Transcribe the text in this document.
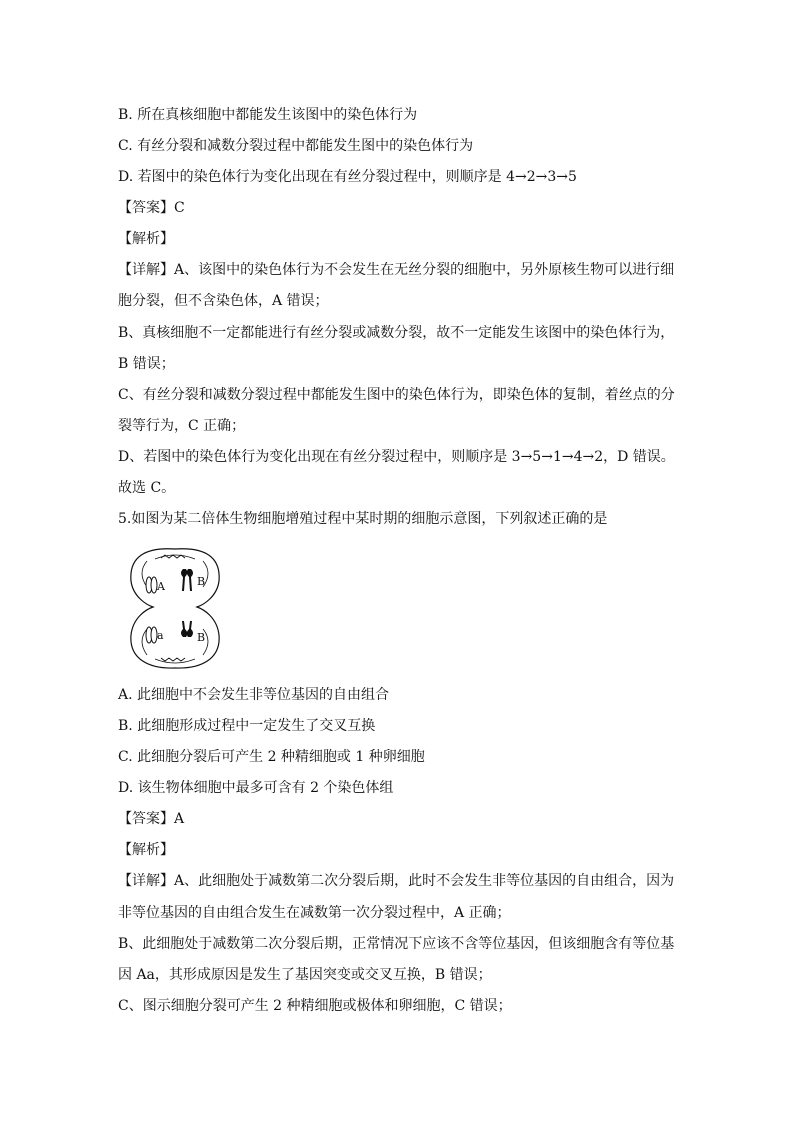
B. 所在真核细胞中都能发生该图中的染色体行为
C. 有丝分裂和减数分裂过程中都能发生图中的染色体行为
D. 若图中的染色体行为变化出现在有丝分裂过程中，则顺序是 4→2→3→5
【答案】C
【解析】
【详解】A、该图中的染色体行为不会发生在无丝分裂的细胞中，另外原核生物可以进行细
胞分裂，但不含染色体，A 错误；
B、真核细胞不一定都能进行有丝分裂或减数分裂，故不一定能发生该图中的染色体行为，
B 错误；
C、有丝分裂和减数分裂过程中都能发生图中的染色体行为，即染色体的复制，着丝点的分
裂等行为，C 正确；
D、若图中的染色体行为变化出现在有丝分裂过程中，则顺序是 3→5→1→4→2，D 错误。
故选 C。
5.如图为某二倍体生物细胞增殖过程中某时期的细胞示意图，下列叙述正确的是
A	B
a	B
A. 此细胞中不会发生非等位基因的自由组合
B. 此细胞形成过程中一定发生了交叉互换
C. 此细胞分裂后可产生 2 种精细胞或 1 种卵细胞
D. 该生物体细胞中最多可含有 2 个染色体组
【答案】A
【解析】
【详解】A、此细胞处于减数第二次分裂后期，此时不会发生非等位基因的自由组合，因为
非等位基因的自由组合发生在减数第一次分裂过程中，A 正确；
B、此细胞处于减数第二次分裂后期，正常情况下应该不含等位基因，但该细胞含有等位基
因 Aa，其形成原因是发生了基因突变或交叉互换，B 错误；
C、图示细胞分裂可产生 2 种精细胞或极体和卵细胞，C 错误；
